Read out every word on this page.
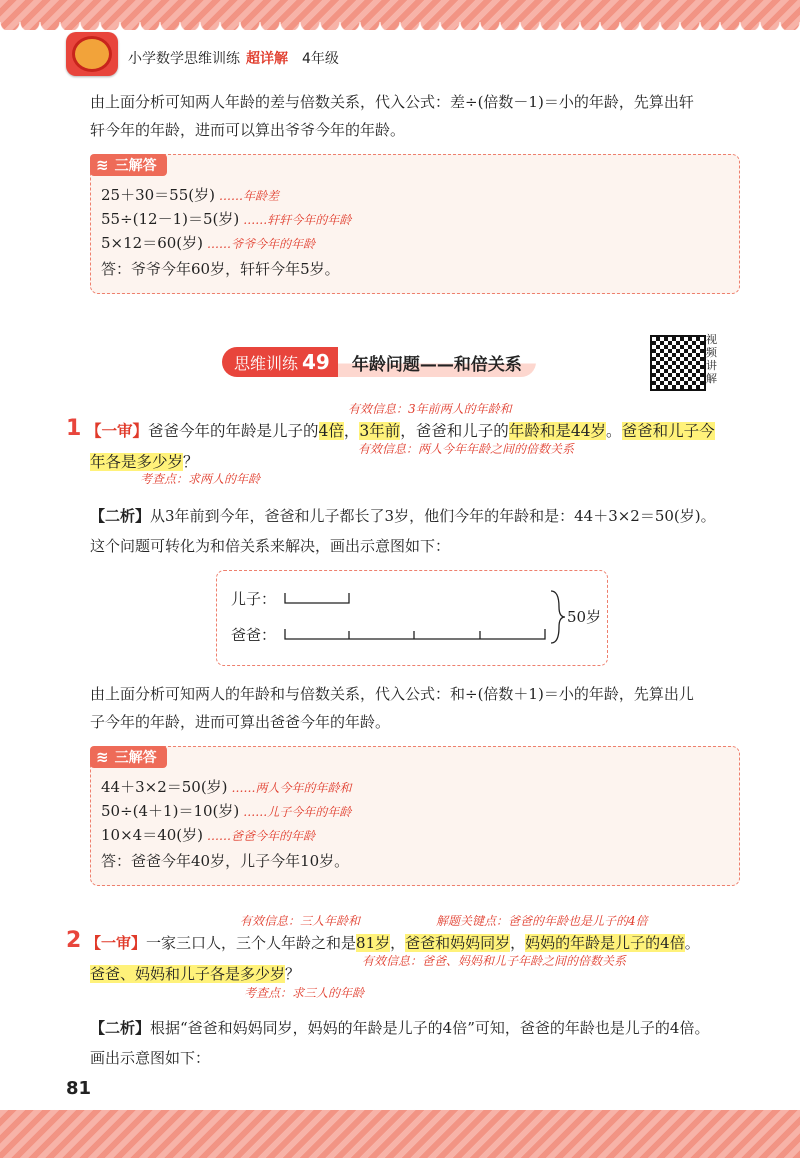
小学数学思维训练 超详解 4年级
由上面分析可知两人年龄的差与倍数关系，代入公式：差÷(倍数－1)＝小的年龄，先算出轩
轩今年的年龄，进而可以算出爷爷今年的年龄。
≋ 三解答
25＋30＝55(岁) ……年龄差
55÷(12－1)＝5(岁) ……轩轩今年的年龄
5×12＝60(岁) ……爷爷今年的年龄
答：爷爷今年60岁，轩轩今年5岁。
思维训练 49	年龄问题——和倍关系
视频讲解
有效信息：3年前两人的年龄和
1 【一审】爸爸今年的年龄是儿子的4倍，3年前，爸爸和儿子的年龄和是44岁。爸爸和儿子今
有效信息：两人今年年龄之间的倍数关系
年各是多少岁？
考查点：求两人的年龄
【二析】从3年前到今年，爸爸和儿子都长了3岁，他们今年的年龄和是：44＋3×2＝50(岁)。
这个问题可转化为和倍关系来解决，画出示意图如下：
儿子：
爸爸：
50岁
由上面分析可知两人的年龄和与倍数关系，代入公式：和÷(倍数＋1)＝小的年龄，先算出儿
子今年的年龄，进而可算出爸爸今年的年龄。
≋ 三解答
44＋3×2＝50(岁) ……两人今年的年龄和
50÷(4＋1)＝10(岁) ……儿子今年的年龄
10×4＝40(岁) ……爸爸今年的年龄
答：爸爸今年40岁，儿子今年10岁。
有效信息：三人年龄和	解题关键点：爸爸的年龄也是儿子的4倍
2 【一审】一家三口人，三个人年龄之和是81岁，爸爸和妈妈同岁，妈妈的年龄是儿子的4倍。
有效信息：爸爸、妈妈和儿子年龄之间的倍数关系
爸爸、妈妈和儿子各是多少岁？
考查点：求三人的年龄
【二析】根据“爸爸和妈妈同岁，妈妈的年龄是儿子的4倍”可知，爸爸的年龄也是儿子的4倍。
画出示意图如下：
81
